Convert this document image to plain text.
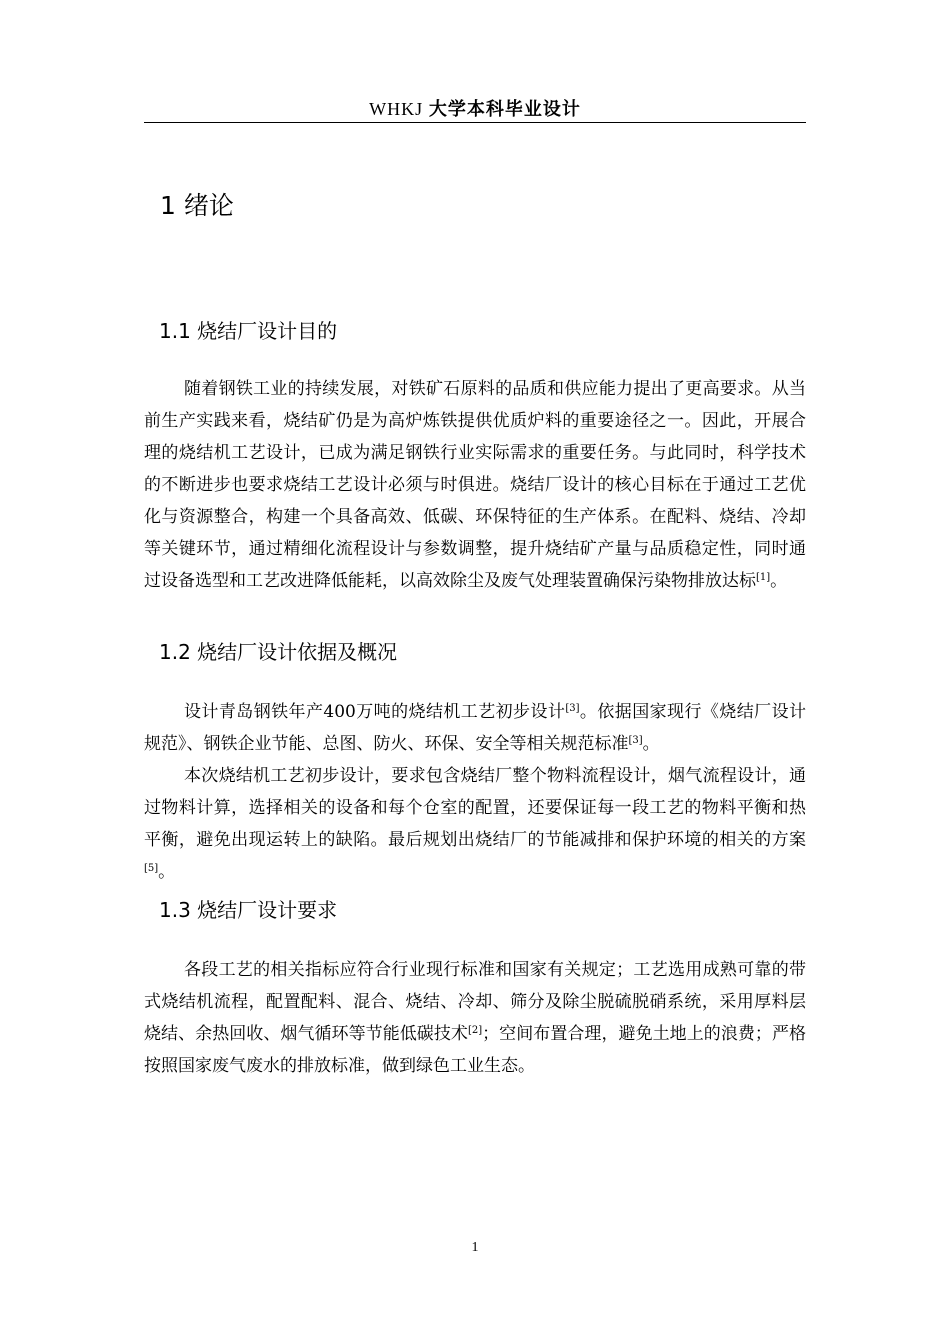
WHKJ 大学本科毕业设计
1 绪论
1.1 烧结厂设计目的

随着钢铁工业的持续发展，对铁矿石原料的品质和供应能力提出了更高要求。从当前生产实践来看，烧结矿仍是为高炉炼铁提供优质炉料的重要途径之一。因此，开展合理的烧结机工艺设计，已成为满足钢铁行业实际需求的重要任务。与此同时，科学技术的不断进步也要求烧结工艺设计必须与时俱进。烧结厂设计的核心目标在于通过工艺优化与资源整合，构建一个具备高效、低碳、环保特征的生产体系。在配料、烧结、冷却等关键环节，通过精细化流程设计与参数调整，提升烧结矿产量与品质稳定性，同时通过设备选型和工艺改进降低能耗，以高效除尘及废气处理装置确保污染物排放达标[1]。

1.2 烧结厂设计依据及概况

设计青岛钢铁年产400万吨的烧结机工艺初步设计[3]。依据国家现行《烧结厂设计规范》、钢铁企业节能、总图、防火、环保、安全等相关规范标准[3]。

本次烧结机工艺初步设计，要求包含烧结厂整个物料流程设计，烟气流程设计，通过物料计算，选择相关的设备和每个仓室的配置，还要保证每一段工艺的物料平衡和热平衡，避免出现运转上的缺陷。最后规划出烧结厂的节能减排和保护环境的相关的方案[5]。

1.3 烧结厂设计要求

各段工艺的相关指标应符合行业现行标准和国家有关规定；工艺选用成熟可靠的带式烧结机流程，配置配料、混合、烧结、冷却、筛分及除尘脱硫脱硝系统，采用厚料层烧结、余热回收、烟气循环等节能低碳技术[2]；空间布置合理，避免土地上的浪费；严格按照国家废气废水的排放标准，做到绿色工业生态。

1
